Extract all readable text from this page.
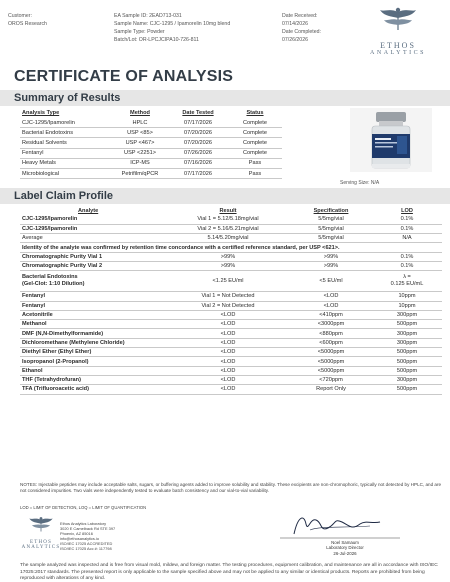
Customer:
OROS Research
EA Sample ID: 2EAD713-031
Sample Name: CJC-1295 / Ipamorelin 10mg blend
Sample Type: Powder
Batch/Lot: OR-LPCJCIPA10-726-811
Date Received:
07/14/2026
Date Completed:
07/26/2026
ETHOS
ANALYTICS
CERTIFICATE OF ANALYSIS
Summary of Results
Analysis Type	Method	Date Tested	Status
CJC-1295/Ipamorelin	HPLC	07/17/2026	Complete
Bacterial Endotoxins	USP <85>	07/20/2026	Complete
Residual Solvents	USP <467>	07/20/2026	Complete
Fentanyl	USP <2251>	07/26/2026	Complete
Heavy Metals	ICP-MS	07/16/2026	Pass
Microbiological	Petrifilm/qPCR	07/17/2026	Pass
Serving Size: N/A
Label Claim Profile
Analyte	Result	Specification	LOD
CJC-1295/Ipamorelin	Vial 1 = 5.12/5.18mg/vial	5/5mg/vial	0.1%
CJC-1295/Ipamorelin	Vial 2 = 5.16/5.21mg/vial	5/5mg/vial	0.1%
Average	5.14/5.20mg/vial	5/5mg/vial	N/A
Identity of the analyte was confirmed by retention time concordance with a certified reference standard, per USP <621>.			
Chromatographic Purity Vial 1	>99%	>99%	0.1%
Chromatographic Purity Vial 2	>99%	>99%	0.1%

Bacterial Endotoxins
(Gel-Clot: 1:10 Dilution)	<1.25 EU/ml	<5 EU/ml	λ =
0.125 EU/mL

Fentanyl	Vial 1 = Not Detected	<LOD	10ppm
Fentanyl	Vial 2 = Not Detected	<LOD	10ppm
Acetonitrile	<LOD	<410ppm	300ppm
Methanol	<LOD	<3000ppm	500ppm
DMF (N,N-Dimethylformamide)	<LOD	<880ppm	300ppm
Dichloromethane (Methylene Chloride)	<LOD	<600ppm	300ppm
Diethyl Ether (Ethyl Ether)	<LOD	<5000ppm	500ppm
Isopropanol (2-Propanol)	<LOD	<5000ppm	500ppm
Ethanol	<LOD	<5000ppm	500ppm
THF (Tetrahydrofuran)	<LOD	<720ppm	300ppm
TFA (Trifluoroacetic acid)	<LOD	Report Only	500ppm
NOTES: Injectable peptides may include acceptable salts, sugars, or buffering agents added to improve solubility and stability. These excipients are non-chromophoric, typically not detected by HPLC, and are not considered impurities. Two vials were independently tested to evaluate batch consistency and our vial-to-vial variability.
LOD = LIMIT OF DETECTION, LOQ = LIMIT OF QUANTIFICATION
ETHOS
ANALYTICS
Ethos Analytics Laboratory
3020 E Camelback Rd STE 397
Phoenix, AZ 85016
info@ethosanalytics.io
ISO/IEC 17025 ACCREDITED
ISO/IEC 17025 Acc #: 117798
Noel Samaum
Laboratory Director
26-Jul-2026
The sample analyzed was inspected and is free from visual mold, mildew, and foreign matter. The testing procedures, equipment calibration, and maintenance are all in accordance with ISO/IEC 17025:2017 standards. The presented report is only applicable to the sample specified above and may not be applied to any similar or identical products. Reports are prohibited from being reproduced with alterations of any kind.
